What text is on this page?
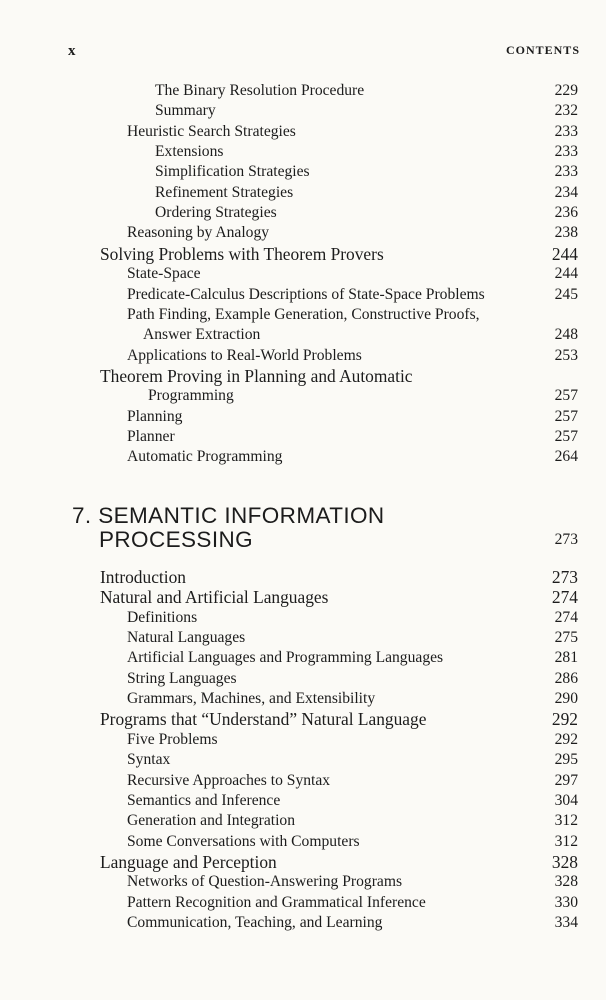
x	CONTENTS
The Binary Resolution Procedure	229
Summary	232
Heuristic Search Strategies	233
Extensions	233
Simplification Strategies	233
Refinement Strategies	234
Ordering Strategies	236
Reasoning by Analogy	238
Solving Problems with Theorem Provers	244
State-Space	244
Predicate-Calculus Descriptions of State-Space Problems	245
Path Finding, Example Generation, Constructive Proofs,
Answer Extraction	248
Applications to Real-World Problems	253
Theorem Proving in Planning and Automatic
Programming	257
Planning	257
Planner	257
Automatic Programming	264
7. SEMANTIC INFORMATION
PROCESSING	273
Introduction	273
Natural and Artificial Languages	274
Definitions	274
Natural Languages	275
Artificial Languages and Programming Languages	281
String Languages	286
Grammars, Machines, and Extensibility	290
Programs that “Understand” Natural Language	292
Five Problems	292
Syntax	295
Recursive Approaches to Syntax	297
Semantics and Inference	304
Generation and Integration	312
Some Conversations with Computers	312
Language and Perception	328
Networks of Question-Answering Programs	328
Pattern Recognition and Grammatical Inference	330
Communication, Teaching, and Learning	334
